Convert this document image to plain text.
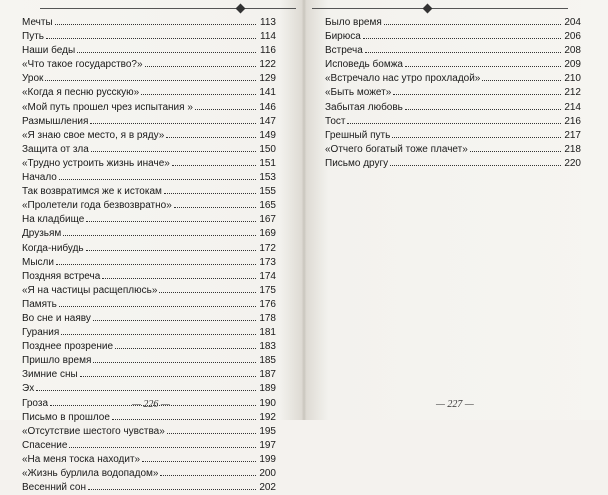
Мечты	113
Путь	114
Наши беды	116
«Что такое государство?»	122
Урок	129
«Когда я песню русскую»	141
«Мой путь прошел чрез испытания »	146
Размышления	147
«Я знаю свое место, я в ряду»	149
Защита от зла	150
«Трудно устроить жизнь иначе»	151
Начало	153
Так возвратимся же к истокам	155
«Пролетели года безвозвратно»	165
На кладбище	167
Друзьям	169
Когда-нибудь	172
Мысли	173
Поздняя встреча	174
«Я на частицы расщеплюсь»	175
Память	176
Во сне и наяву	178
Гурания	181
Позднее прозрение	183
Пришло время	185
Зимние сны	187
Эх	189
Гроза	190
Письмо в прошлое	192
«Отсутствие шестого чувства»	195
Спасение	197
«На меня тоска находит»	199
«Жизнь бурлила водопадом»	200
Весенний сон	202
— 226 —
Было время	204
Бирюса	206
Встреча	208
Исповедь бомжа	209
«Встречало нас утро прохладой»	210
«Быть может»	212
Забытая любовь	214
Тост	216
Грешный путь	217
«Отчего богатый тоже плачет»	218
Письмо другу	220
— 227 —
